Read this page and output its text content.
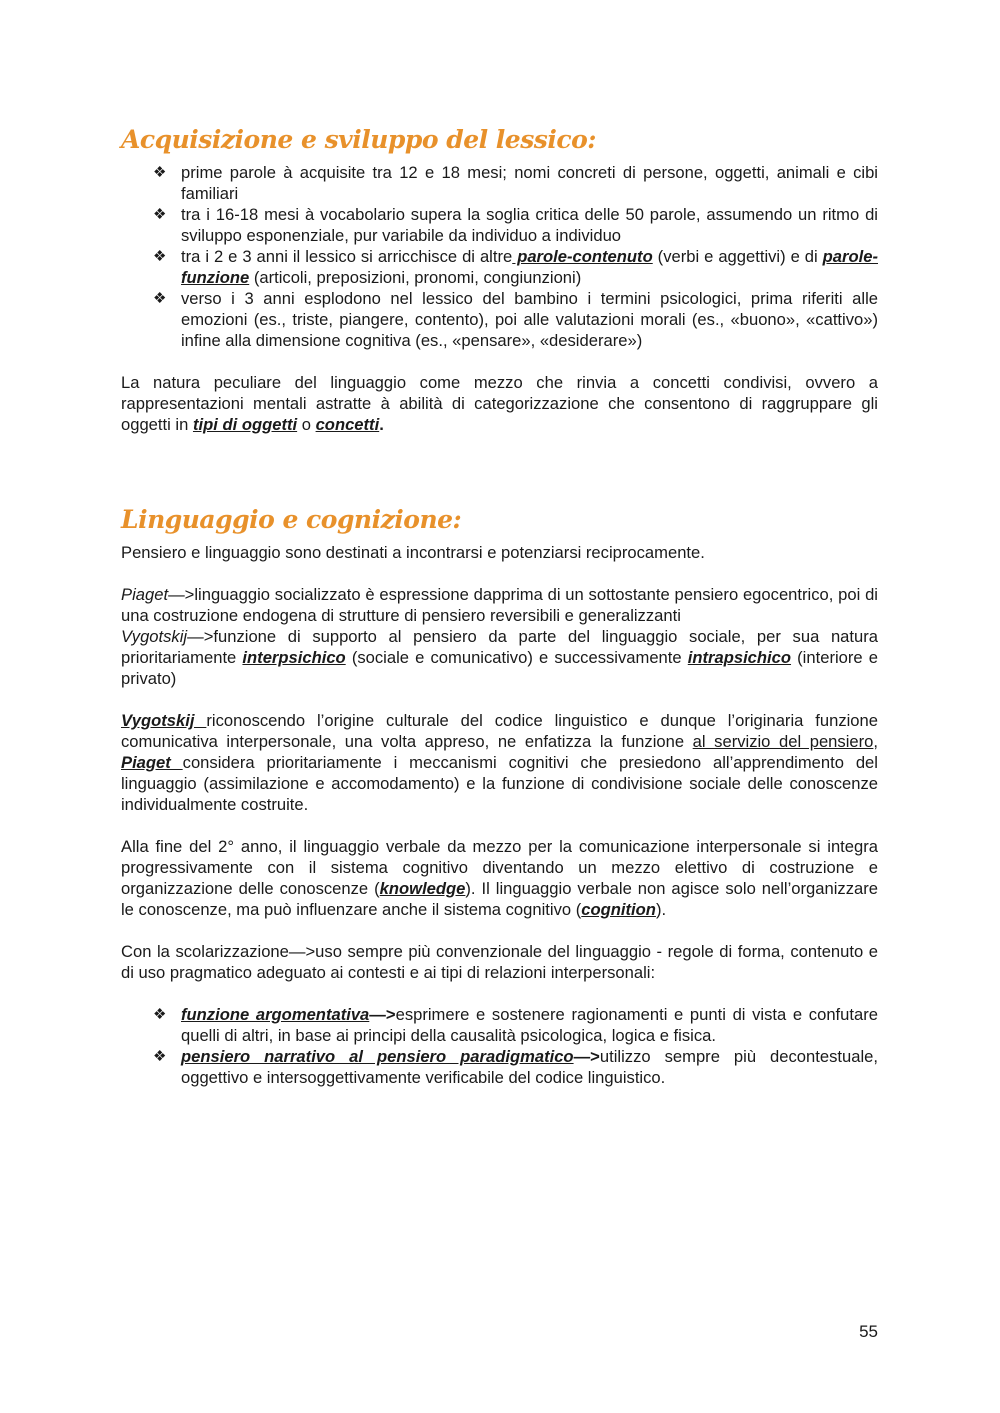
Acquisizione e sviluppo del lessico:
❖ prime parole à acquisite tra 12 e 18 mesi; nomi concreti di persone, oggetti, animali e cibi familiari
❖ tra i 16-18 mesi à vocabolario supera la soglia critica delle 50 parole, assumendo un ritmo di sviluppo esponenziale, pur variabile da individuo a individuo
❖ tra i 2 e 3 anni il lessico si arricchisce di altre parole-contenuto (verbi e aggettivi) e di parole-funzione (articoli, preposizioni, pronomi, congiunzioni)
❖ verso i 3 anni esplodono nel lessico del bambino i termini psicologici, prima riferiti alle emozioni (es., triste, piangere, contento), poi alle valutazioni morali (es., «buono», «cattivo») infine alla dimensione cognitiva (es., «pensare», «desiderare»)

La natura peculiare del linguaggio come mezzo che rinvia a concetti condivisi, ovvero a rappresentazioni mentali astratte à abilità di categorizzazione che consentono di raggruppare gli oggetti in tipi di oggetti o concetti.

Linguaggio e cognizione:

Pensiero e linguaggio sono destinati a incontrarsi e potenziarsi reciprocamente.

Piaget—>linguaggio socializzato è espressione dapprima di un sottostante pensiero egocentrico, poi di una costruzione endogena di strutture di pensiero reversibili e generalizzanti

Vygotskij—>funzione di supporto al pensiero da parte del linguaggio sociale, per sua natura prioritariamente interpsichico (sociale e comunicativo) e successivamente intrapsichico (interiore e privato)

Vygotskij riconoscendo l’origine culturale del codice linguistico e dunque l’originaria funzione comunicativa interpersonale, una volta appreso, ne enfatizza la funzione al servizio del pensiero, Piaget considera prioritariamente i meccanismi cognitivi che presiedono all’apprendimento del linguaggio (assimilazione e accomodamento) e la funzione di condivisione sociale delle conoscenze individualmente costruite.

Alla fine del 2° anno, il linguaggio verbale da mezzo per la comunicazione interpersonale si integra progressivamente con il sistema cognitivo diventando un mezzo elettivo di costruzione e organizzazione delle conoscenze (knowledge). Il linguaggio verbale non agisce solo nell’organizzare le conoscenze, ma può influenzare anche il sistema cognitivo (cognition).

Con la scolarizzazione—>uso sempre più convenzionale del linguaggio - regole di forma, contenuto e di uso pragmatico adeguato ai contesti e ai tipi di relazioni interpersonali:

❖ funzione argomentativa—>esprimere e sostenere ragionamenti e punti di vista e confutare quelli di altri, in base ai principi della causalità psicologica, logica e fisica.
❖ pensiero narrativo al pensiero paradigmatico—>utilizzo sempre più decontestuale, oggettivo e intersoggettivamente verificabile del codice linguistico.
55
